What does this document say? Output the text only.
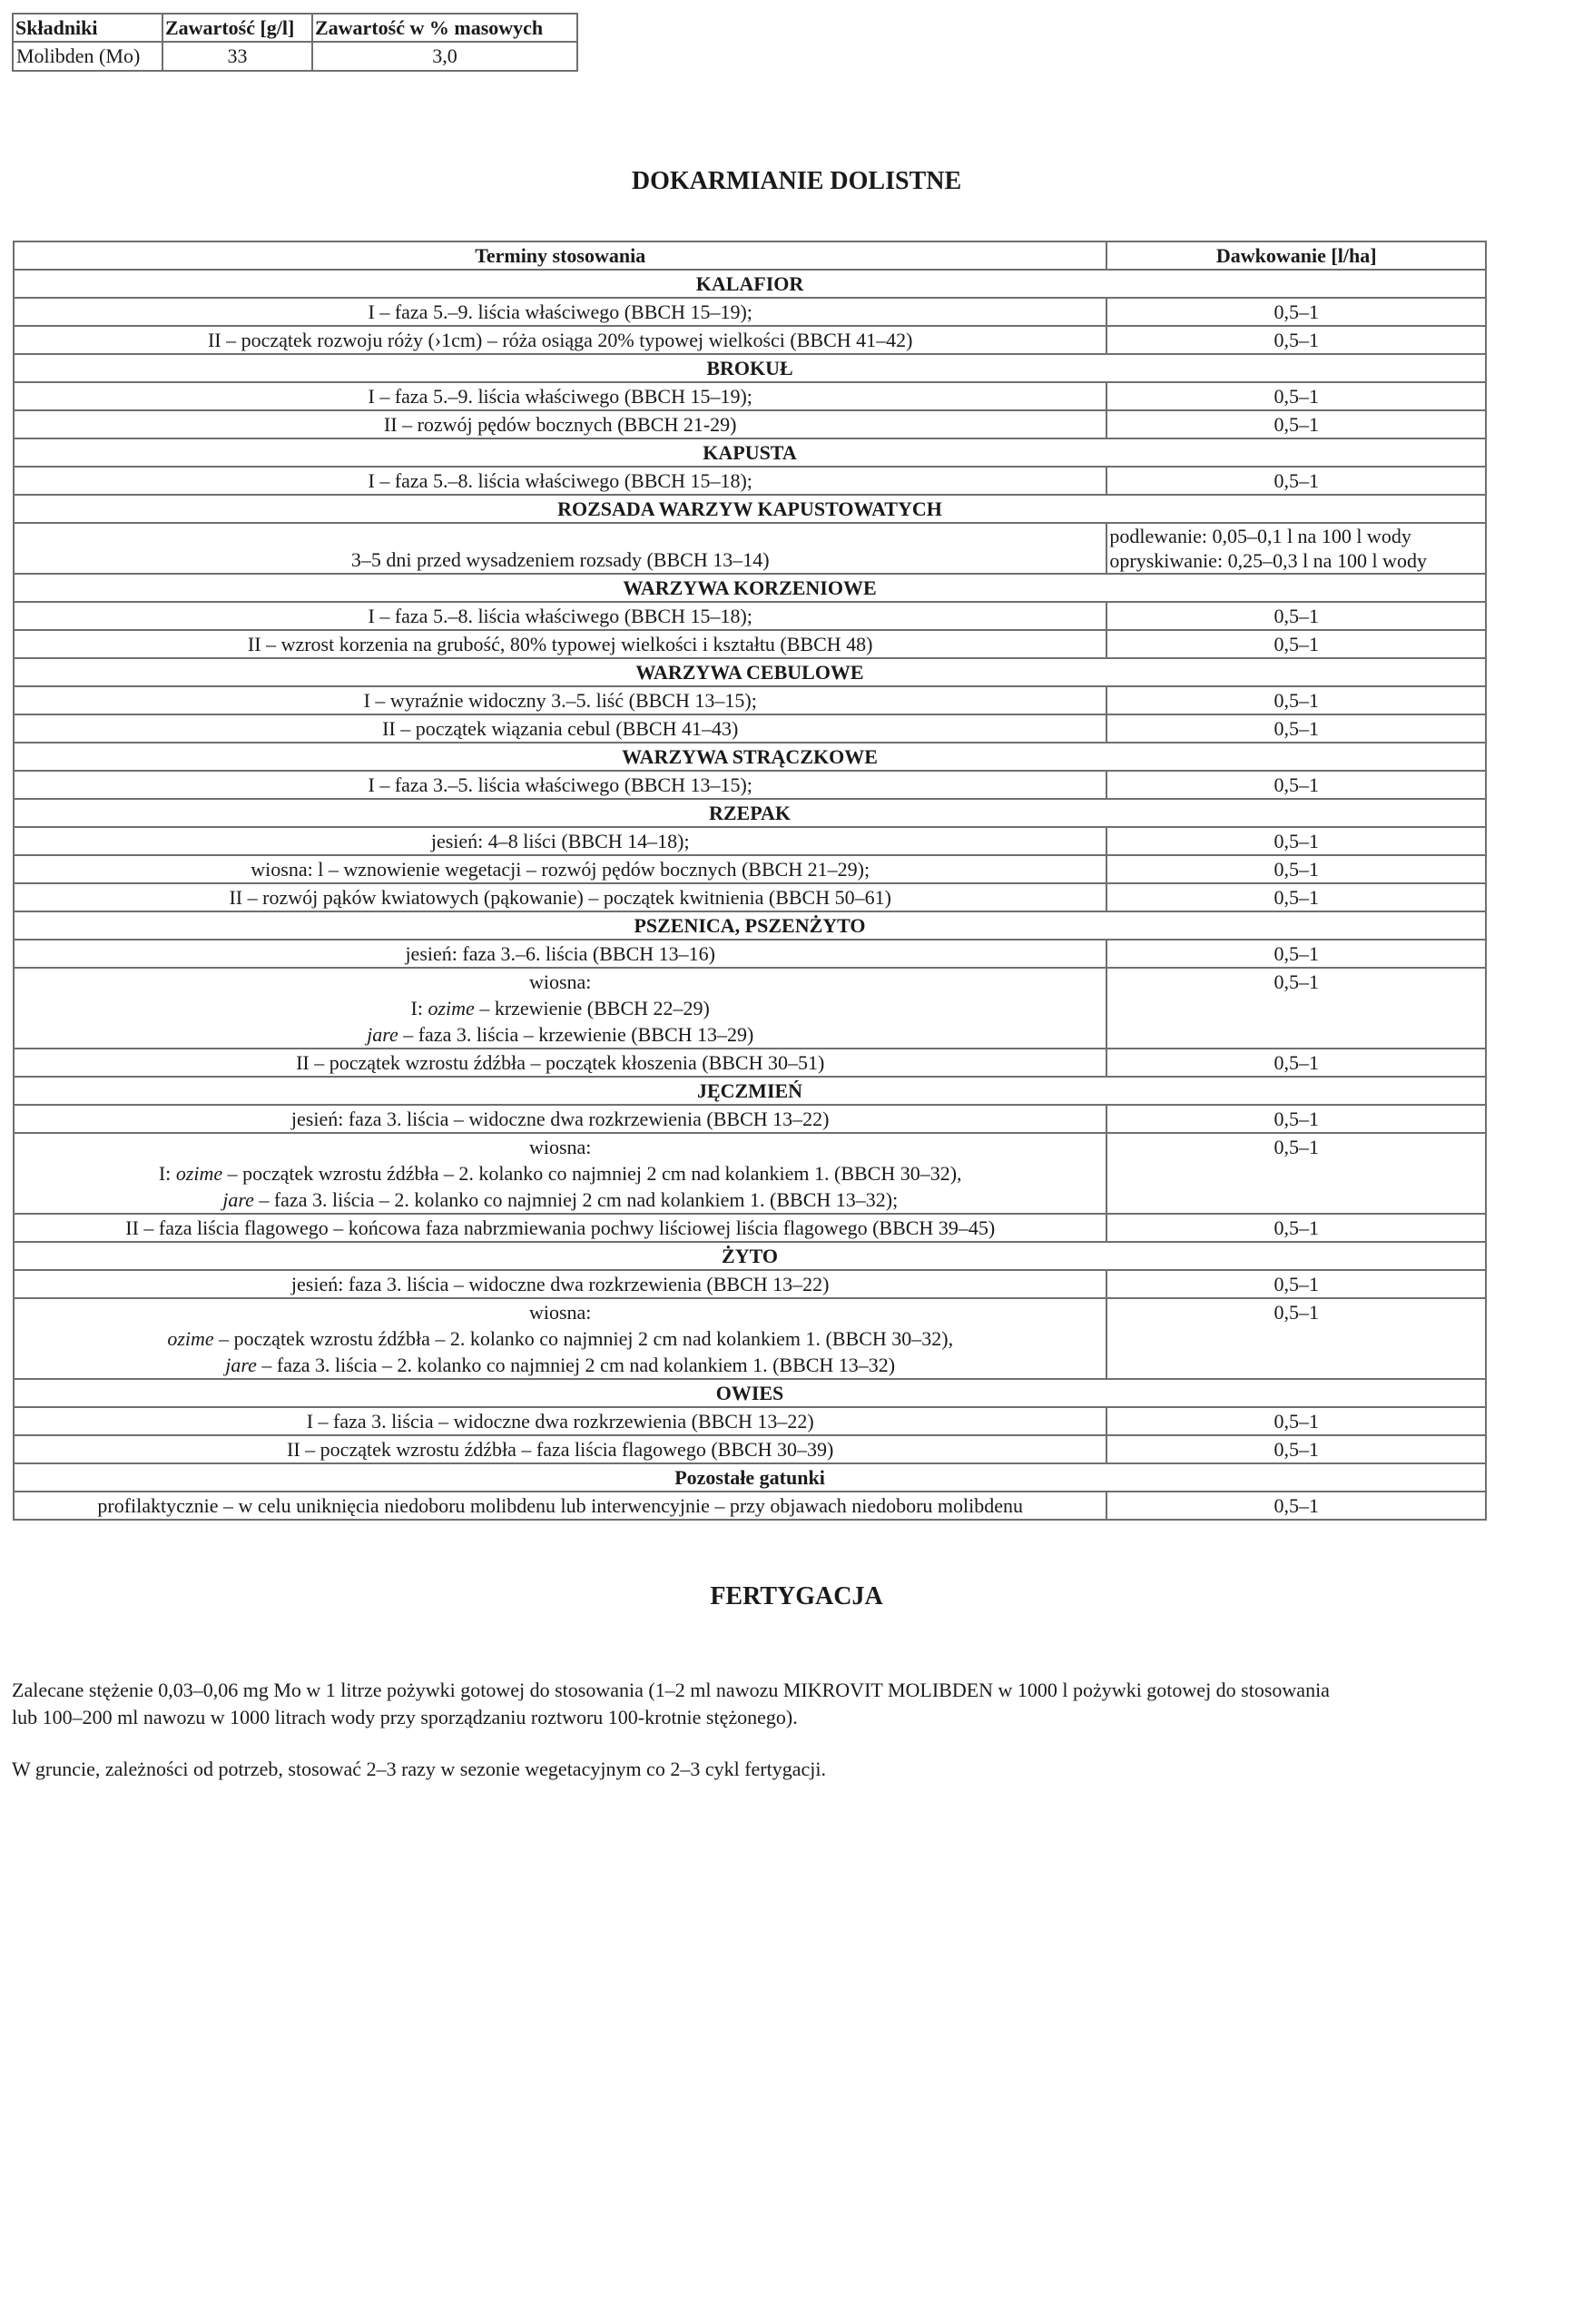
Składniki	Zawartość [g/l]	Zawartość w % masowych
Molibden (Mo)	33	3,0
DOKARMIANIE DOLISTNE
Terminy stosowania	Dawkowanie [l/ha]
KALAFIOR	
I – faza 5.–9. liścia właściwego (BBCH 15–19);	0,5–1
II – początek rozwoju róży (›1cm) – róża osiąga 20% typowej wielkości (BBCH 41–42)	0,5–1
BROKUŁ	
I – faza 5.–9. liścia właściwego (BBCH 15–19);	0,5–1
II – rozwój pędów bocznych (BBCH 21-29)	0,5–1
KAPUSTA	
I – faza 5.–8. liścia właściwego (BBCH 15–18);	0,5–1
ROZSADA WARZYW KAPUSTOWATYCH	
3–5 dni przed wysadzeniem rozsady (BBCH 13–14)	podlewanie: 0,05–0,1 l na 100 l wody
opryskiwanie: 0,25–0,3 l na 100 l wody

WARZYWA KORZENIOWE	
I – faza 5.–8. liścia właściwego (BBCH 15–18);	0,5–1
II – wzrost korzenia na grubość, 80% typowej wielkości i kształtu (BBCH 48)	0,5–1
WARZYWA CEBULOWE	
I – wyraźnie widoczny 3.–5. liść (BBCH 13–15);	0,5–1
II – początek wiązania cebul (BBCH 41–43)	0,5–1
WARZYWA STRĄCZKOWE	
I – faza 3.–5. liścia właściwego (BBCH 13–15);	0,5–1
RZEPAK	
jesień: 4–8 liści (BBCH 14–18);	0,5–1
wiosna: l – wznowienie wegetacji – rozwój pędów bocznych (BBCH 21–29);	0,5–1
II – rozwój pąków kwiatowych (pąkowanie) – początek kwitnienia (BBCH 50–61)	0,5–1
PSZENICA, PSZENŻYTO	
jesień: faza 3.–6. liścia (BBCH 13–16)	0,5–1

wiosna:
I: ozime – krzewienie (BBCH 22–29)
jare – faza 3. liścia – krzewienie (BBCH 13–29)	0,5–1
II – początek wzrostu źdźbła – początek kłoszenia (BBCH 30–51)	0,5–1
JĘCZMIEŃ	
jesień: faza 3. liścia – widoczne dwa rozkrzewienia (BBCH 13–22)	0,5–1

wiosna:
I: ozime – początek wzrostu źdźbła – 2. kolanko co najmniej 2 cm nad kolankiem 1. (BBCH 30–32),
jare – faza 3. liścia – 2. kolanko co najmniej 2 cm nad kolankiem 1. (BBCH 13–32);	0,5–1
II – faza liścia flagowego – końcowa faza nabrzmiewania pochwy liściowej liścia flagowego (BBCH 39–45)	0,5–1
ŻYTO	
jesień: faza 3. liścia – widoczne dwa rozkrzewienia (BBCH 13–22)	0,5–1

wiosna:
ozime – początek wzrostu źdźbła – 2. kolanko co najmniej 2 cm nad kolankiem 1. (BBCH 30–32),
jare – faza 3. liścia – 2. kolanko co najmniej 2 cm nad kolankiem 1. (BBCH 13–32)	0,5–1
OWIES	
I – faza 3. liścia – widoczne dwa rozkrzewienia (BBCH 13–22)	0,5–1
II – początek wzrostu źdźbła – faza liścia flagowego (BBCH 30–39)	0,5–1
Pozostałe gatunki	
profilaktycznie – w celu uniknięcia niedoboru molibdenu lub interwencyjnie – przy objawach niedoboru molibdenu	0,5–1
FERTYGACJA

Zalecane stężenie 0,03–0,06 mg Mo w 1 litrze pożywki gotowej do stosowania (1–2 ml nawozu MIKROVIT MOLIBDEN w 1000 l pożywki gotowej do stosowania
lub 100–200 ml nawozu w 1000 litrach wody przy sporządzaniu roztworu 100-krotnie stężonego).

W gruncie, zależności od potrzeb, stosować 2–3 razy w sezonie wegetacyjnym co 2–3 cykl fertygacji.
